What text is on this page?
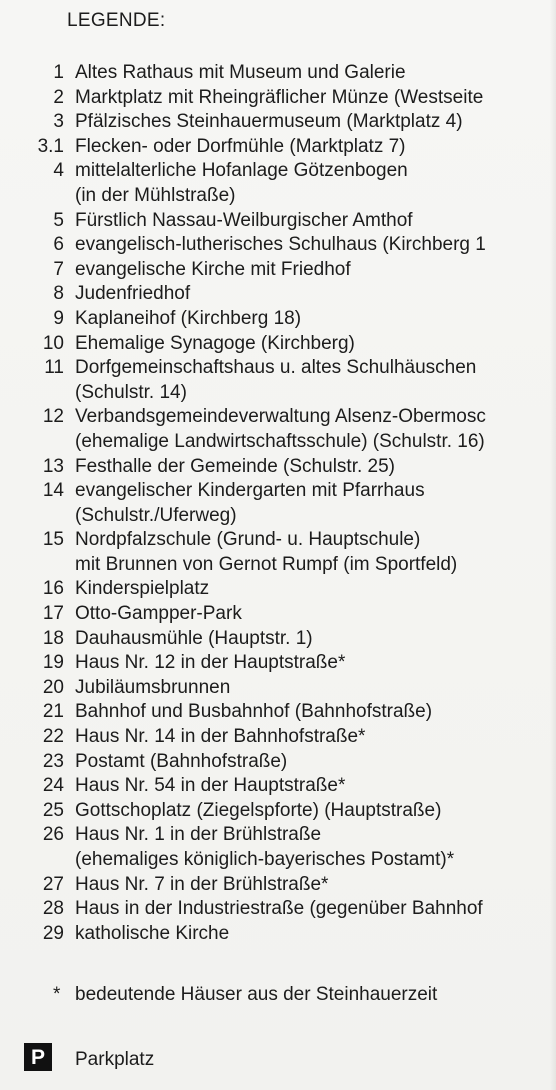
LEGENDE:
1 Altes Rathaus mit Museum und Galerie
2 Marktplatz mit Rheingräflicher Münze (Westseite
3 Pfälzisches Steinhauermuseum (Marktplatz 4)
3.1 Flecken- oder Dorfmühle (Marktplatz 7)
4 mittelalterliche Hofanlage Götzenbogen
(in der Mühlstraße)
5 Fürstlich Nassau-Weilburgischer Amthof
6 evangelisch-lutherisches Schulhaus (Kirchberg 1
7 evangelische Kirche mit Friedhof
8 Judenfriedhof
9 Kaplaneihof (Kirchberg 18)
10 Ehemalige Synagoge (Kirchberg)
11 Dorfgemeinschaftshaus u. altes Schulhäuschen
(Schulstr. 14)
12 Verbandsgemeindeverwaltung Alsenz-Obermosc
(ehemalige Landwirtschaftsschule) (Schulstr. 16)
13 Festhalle der Gemeinde (Schulstr. 25)
14 evangelischer Kindergarten mit Pfarrhaus
(Schulstr./Uferweg)
15 Nordpfalzschule (Grund- u. Hauptschule)
mit Brunnen von Gernot Rumpf (im Sportfeld)
16 Kinderspielplatz
17 Otto-Gampper-Park
18 Dauhausmühle (Hauptstr. 1)
19 Haus Nr. 12 in der Hauptstraße*
20 Jubiläumsbrunnen
21 Bahnhof und Busbahnhof (Bahnhofstraße)
22 Haus Nr. 14 in der Bahnhofstraße*
23 Postamt (Bahnhofstraße)
24 Haus Nr. 54 in der Hauptstraße*
25 Gottschoplatz (Ziegelspforte) (Hauptstraße)
26 Haus Nr. 1 in der Brühlstraße
(ehemaliges königlich-bayerisches Postamt)*
27 Haus Nr. 7 in der Brühlstraße*
28 Haus in der Industriestraße (gegenüber Bahnhof
29 katholische Kirche
* bedeutende Häuser aus der Steinhauerzeit
P	Parkplatz
